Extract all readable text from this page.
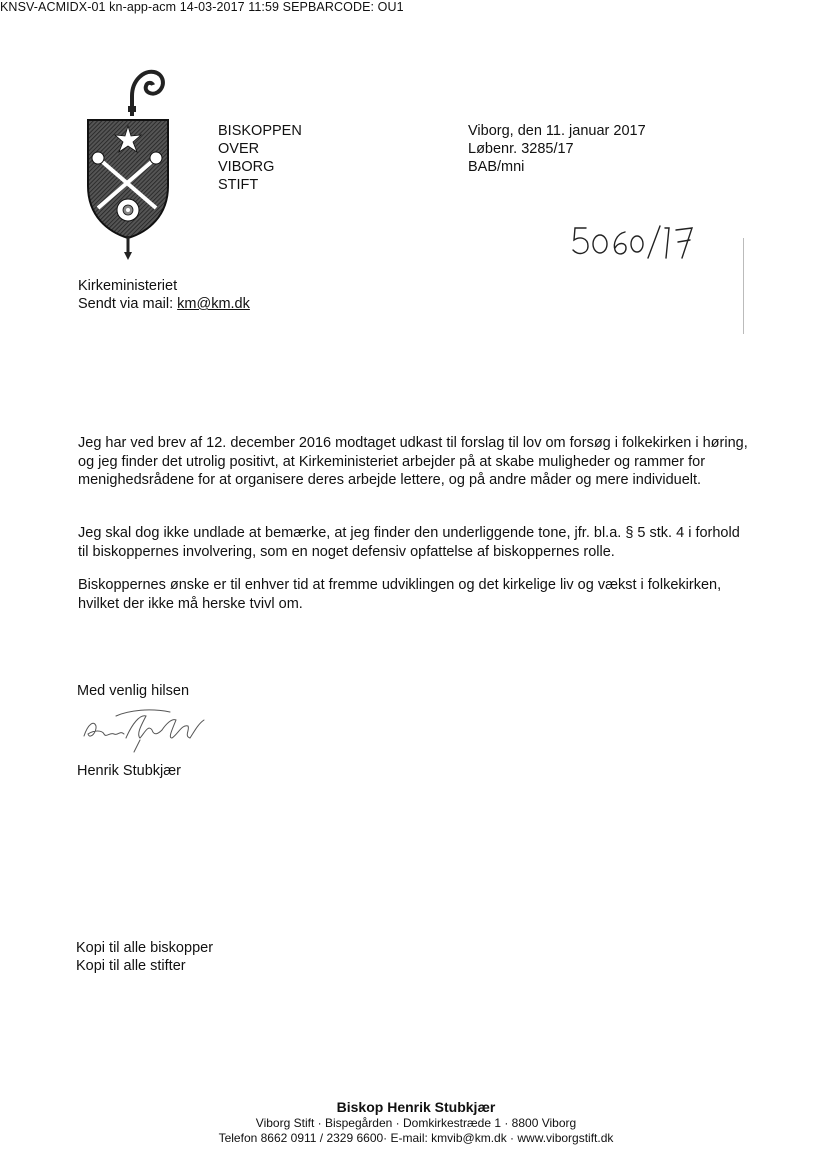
KNSV-ACMIDX-01 kn-app-acm 14-03-2017 11:59 SEPBARCODE: OU1
BISKOPPEN
OVER
VIBORG
STIFT
Viborg, den 11. januar 2017
Løbenr. 3285/17
BAB/mni
Kirkeministeriet
Sendt via mail: km@km.dk

Jeg har ved brev af 12. december 2016 modtaget udkast til forslag til lov om forsøg i folkekirken i høring, og jeg finder det utrolig positivt, at Kirkeministeriet arbejder på at skabe muligheder og rammer for menighedsrådene for at organisere deres arbejde lettere, og på andre måder og mere individuelt.

Jeg skal dog ikke undlade at bemærke, at jeg finder den underliggende tone, jfr. bl.a. § 5 stk. 4 i forhold til biskoppernes involvering, som en noget defensiv opfattelse af biskoppernes rolle.

Biskoppernes ønske er til enhver tid at fremme udviklingen og det kirkelige liv og vækst i folkekirken, hvilket der ikke må herske tvivl om.

Med venlig hilsen
Henrik Stubkjær
Kopi til alle biskopper
Kopi til alle stifter
Biskop Henrik Stubkjær
Viborg Stift · Bispegården · Domkirkestræde 1 · 8800 Viborg
Telefon 8662 0911 / 2329 6600· E-mail: kmvib@km.dk · www.viborgstift.dk
